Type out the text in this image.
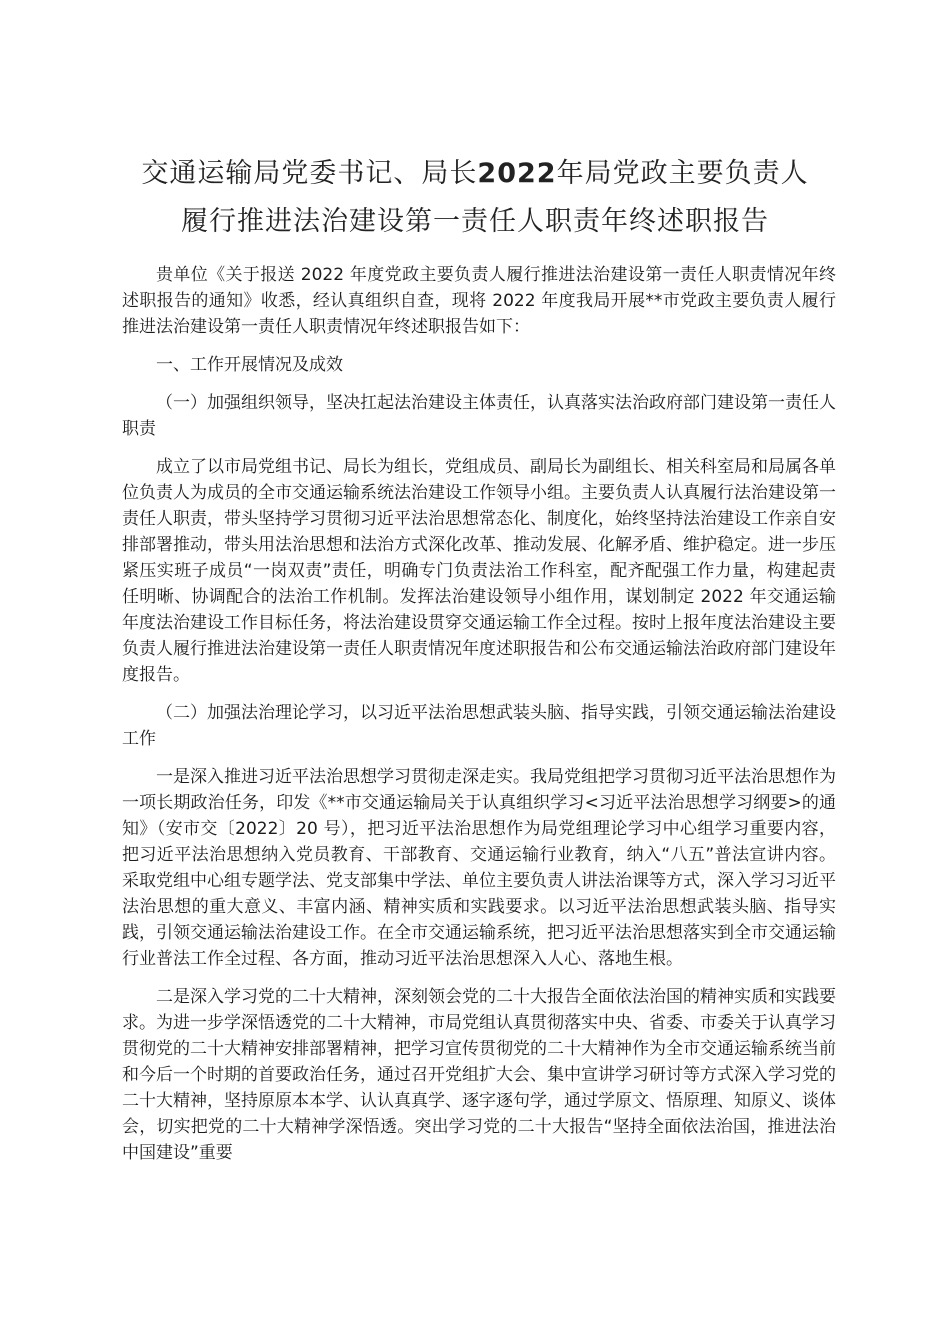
交通运输局党委书记、局长2022年局党政主要负责人
履行推进法治建设第一责任人职责年终述职报告

贵单位《关于报送 2022 年度党政主要负责人履行推进法治建设第一责任人职责情况年终述职报告的通知》收悉，经认真组织自查，现将 2022 年度我局开展**市党政主要负责人履行推进法治建设第一责任人职责情况年终述职报告如下：

一、工作开展情况及成效

（一）加强组织领导，坚决扛起法治建设主体责任，认真落实法治政府部门建设第一责任人职责

成立了以市局党组书记、局长为组长，党组成员、副局长为副组长、相关科室局和局属各单位负责人为成员的全市交通运输系统法治建设工作领导小组。主要负责人认真履行法治建设第一责任人职责，带头坚持学习贯彻习近平法治思想常态化、制度化，始终坚持法治建设工作亲自安排部署推动，带头用法治思想和法治方式深化改革、推动发展、化解矛盾、维护稳定。进一步压紧压实班子成员“一岗双责”责任，明确专门负责法治工作科室，配齐配强工作力量，构建起责任明晰、协调配合的法治工作机制。发挥法治建设领导小组作用，谋划制定 2022 年交通运输年度法治建设工作目标任务，将法治建设贯穿交通运输工作全过程。按时上报年度法治建设主要负责人履行推进法治建设第一责任人职责情况年度述职报告和公布交通运输法治政府部门建设年度报告。

（二）加强法治理论学习，以习近平法治思想武装头脑、指导实践，引领交通运输法治建设工作

一是深入推进习近平法治思想学习贯彻走深走实。我局党组把学习贯彻习近平法治思想作为一项长期政治任务，印发《**市交通运输局关于认真组织学习<习近平法治思想学习纲要>的通知》（安市交〔2022〕20 号），把习近平法治思想作为局党组理论学习中心组学习重要内容，把习近平法治思想纳入党员教育、干部教育、交通运输行业教育，纳入“八五”普法宣讲内容。采取党组中心组专题学法、党支部集中学法、单位主要负责人讲法治课等方式，深入学习习近平法治思想的重大意义、丰富内涵、精神实质和实践要求。以习近平法治思想武装头脑、指导实践，引领交通运输法治建设工作。在全市交通运输系统，把习近平法治思想落实到全市交通运输行业普法工作全过程、各方面，推动习近平法治思想深入人心、落地生根。

二是深入学习党的二十大精神，深刻领会党的二十大报告全面依法治国的精神实质和实践要求。为进一步学深悟透党的二十大精神，市局党组认真贯彻落实中央、省委、市委关于认真学习贯彻党的二十大精神安排部署精神，把学习宣传贯彻党的二十大精神作为全市交通运输系统当前和今后一个时期的首要政治任务，通过召开党组扩大会、集中宣讲学习研讨等方式深入学习党的二十大精神，坚持原原本本学、认认真真学、逐字逐句学，通过学原文、悟原理、知原义、谈体会，切实把党的二十大精神学深悟透。突出学习党的二十大报告“坚持全面依法治国，推进法治中国建设”重要
